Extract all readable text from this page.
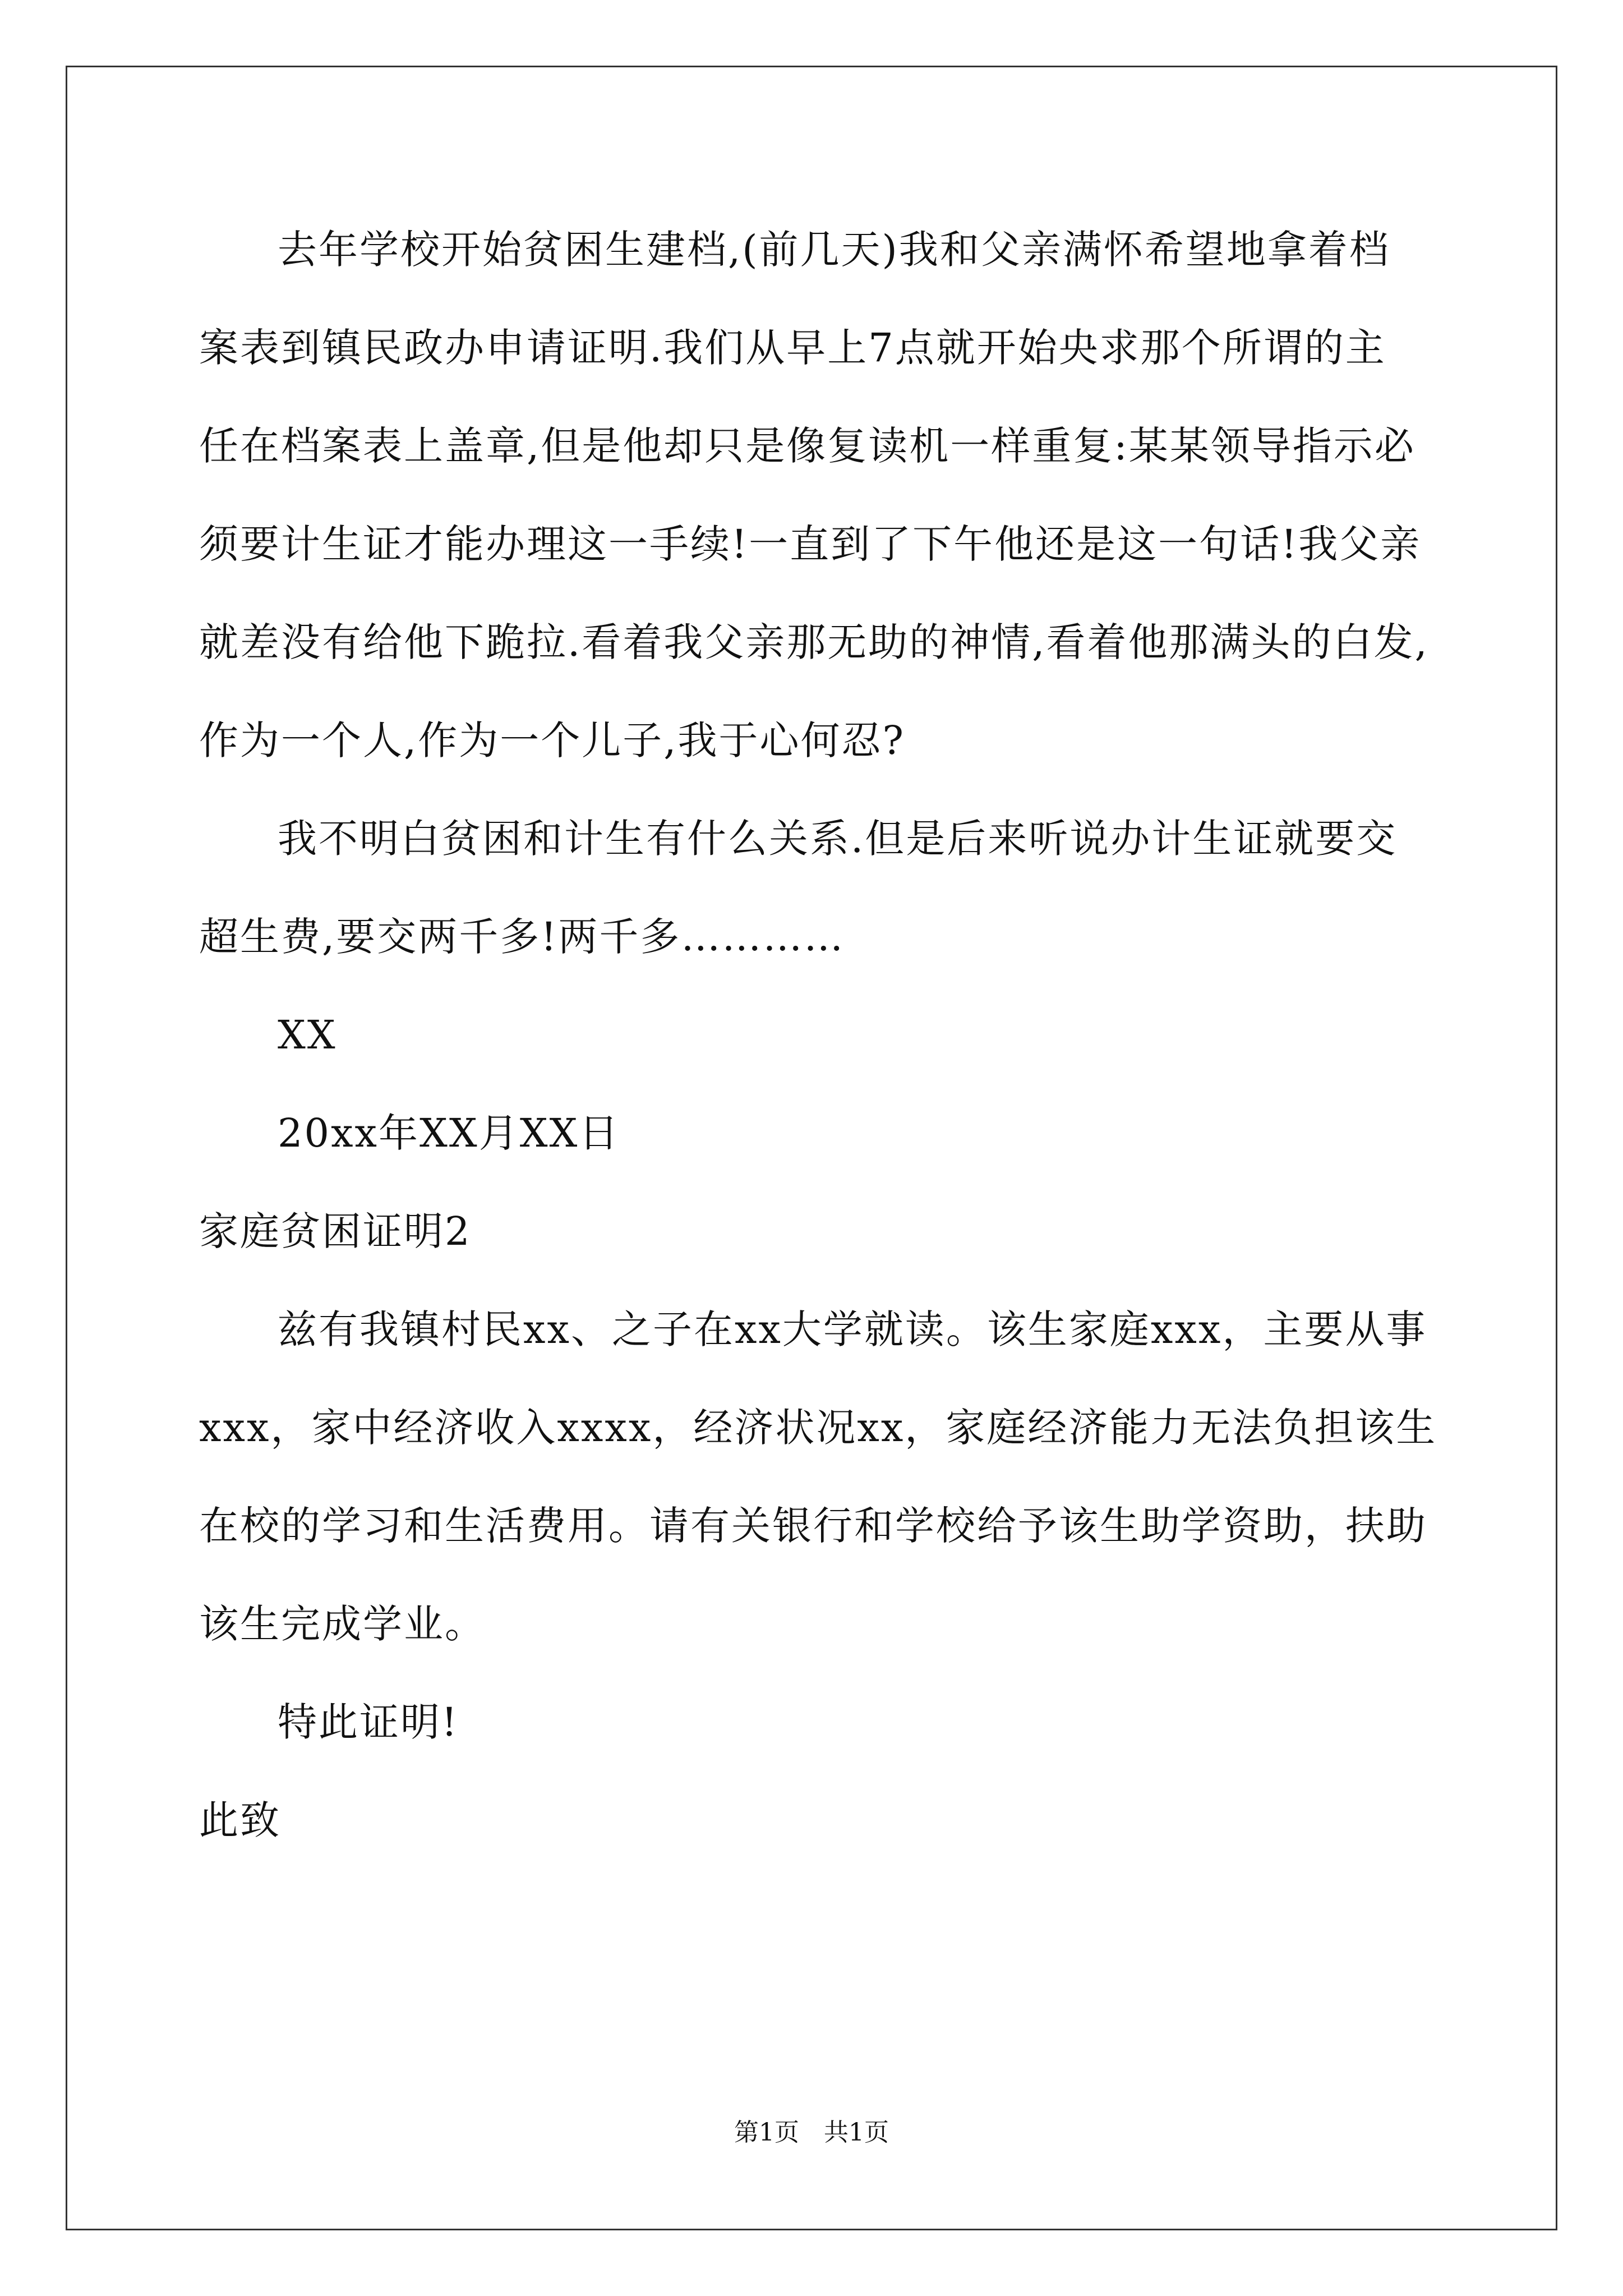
去年学校开始贫困生建档,(前几天)我和父亲满怀希望地拿着档
案表到镇民政办申请证明.我们从早上7点就开始央求那个所谓的主
任在档案表上盖章,但是他却只是像复读机一样重复:某某领导指示必
须要计生证才能办理这一手续!一直到了下午他还是这一句话!我父亲
就差没有给他下跪拉.看着我父亲那无助的神情,看着他那满头的白发,
作为一个人,作为一个儿子,我于心何忍?
我不明白贫困和计生有什么关系.但是后来听说办计生证就要交
超生费,要交两千多!两千多…………
XX
20xx年XX月XX日
家庭贫困证明2
兹有我镇村民xx、之子在xx大学就读。该生家庭xxx，主要从事
xxx，家中经济收入xxxx，经济状况xx，家庭经济能力无法负担该生
在校的学习和生活费用。请有关银行和学校给予该生助学资助，扶助
该生完成学业。
特此证明!
此致
第1页　共1页
